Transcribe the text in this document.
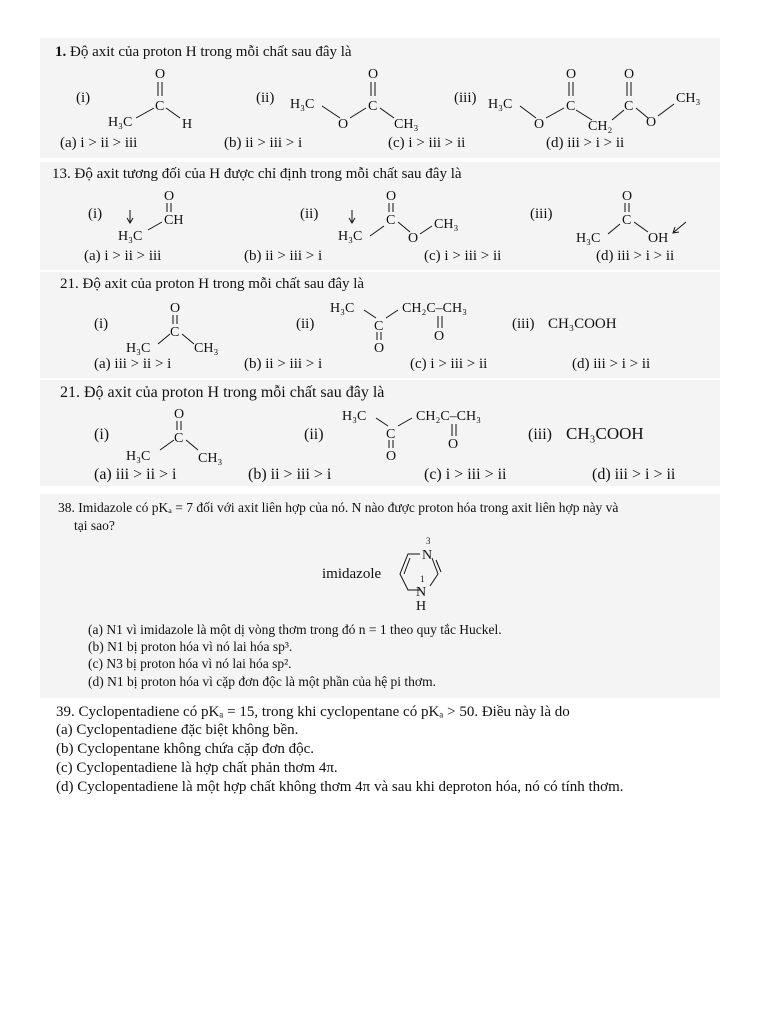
1. Độ axit của proton H trong mỗi chất sau đây là
(i)	(ii)	(iii)
O
C
H₃C	H
H₃C
O
O
C
CH₃
H₃C
O
O
C
CH₂
O
C
O
CH₃
(a) i > ii > iii	(b) ii > iii > i	(c) i > iii > ii	(d) iii > i > ii
13. Độ axit tương đối của H được chỉ định trong mỗi chất sau đây là
(i)	(ii)	(iii)
O
CH
H₃C	H₃C
O
C
O
CH₃
O
C
H₃C	OH
(a) i > ii > iii	(b) ii > iii > i	(c) i > iii > ii	(d) iii > i > ii
21. Độ axit của proton H trong mỗi chất sau đây là
(i)	(ii)	(iii)
O
C
H₃C	CH₃
H₃C
C
O
CH₂C–CH₃
O
CH₃COOH
(a) iii > ii > i	(b) ii > iii > i	(c) i > iii > ii	(d) iii > i > ii
21. Độ axit của proton H trong mỗi chất sau đây là
(i)	(ii)	(iii)
O
C
H₃C	CH₃
H₃C
C
O
CH₂C–CH₃
O
CH₃COOH
(a) iii > ii > i	(b) ii > iii > i	(c) i > iii > ii	(d) iii > i > ii
38. Imidazole có pKₐ = 7 đối với axit liên hợp của nó. N nào được proton hóa trong axit liên hợp này và
tại sao?
imidazole
3
N
1
N
H
(a) N1 vì imidazole là một dị vòng thơm trong đó n = 1 theo quy tắc Huckel.
(b) N1 bị proton hóa vì nó lai hóa sp³.
(c) N3 bị proton hóa vì nó lai hóa sp².
(d) N1 bị proton hóa vì cặp đơn độc là một phần của hệ pi thơm.
39. Cyclopentadiene có pKₐ = 15, trong khi cyclopentane có pKₐ > 50. Điều này là do
(a) Cyclopentadiene đặc biệt không bền.
(b) Cyclopentane không chứa cặp đơn độc.
(c) Cyclopentadiene là hợp chất phản thơm 4π.
(d) Cyclopentadiene là một hợp chất không thơm 4π và sau khi deproton hóa, nó có tính thơm.
